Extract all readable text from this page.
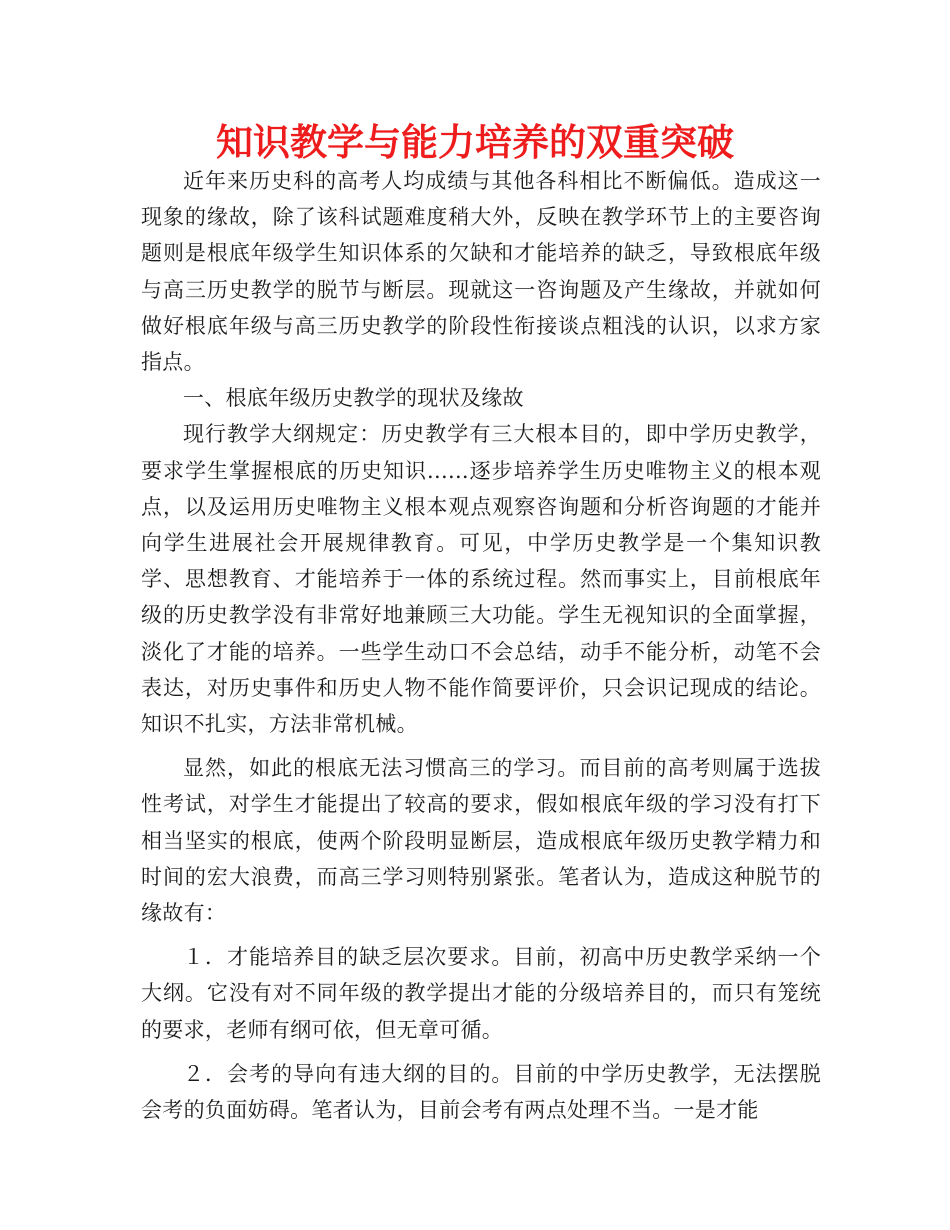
知识教学与能力培养的双重突破

近年来历史科的高考人均成绩与其他各科相比不断偏低。造成这一现象的缘故，除了该科试题难度稍大外，反映在教学环节上的主要咨询题则是根底年级学生知识体系的欠缺和才能培养的缺乏，导致根底年级与高三历史教学的脱节与断层。现就这一咨询题及产生缘故，并就如何做好根底年级与高三历史教学的阶段性衔接谈点粗浅的认识，以求方家指点。

一、根底年级历史教学的现状及缘故

现行教学大纲规定：历史教学有三大根本目的，即中学历史教学，要求学生掌握根底的历史知识......逐步培养学生历史唯物主义的根本观点，以及运用历史唯物主义根本观点观察咨询题和分析咨询题的才能并向学生进展社会开展规律教育。可见，中学历史教学是一个集知识教学、思想教育、才能培养于一体的系统过程。然而事实上，目前根底年级的历史教学没有非常好地兼顾三大功能。学生无视知识的全面掌握，淡化了才能的培养。一些学生动口不会总结，动手不能分析，动笔不会表达，对历史事件和历史人物不能作简要评价，只会识记现成的结论。知识不扎实，方法非常机械。

显然，如此的根底无法习惯高三的学习。而目前的高考则属于选拔性考试，对学生才能提出了较高的要求，假如根底年级的学习没有打下相当坚实的根底，使两个阶段明显断层，造成根底年级历史教学精力和时间的宏大浪费，而高三学习则特别紧张。笔者认为，造成这种脱节的缘故有：

１．才能培养目的缺乏层次要求。目前，初高中历史教学采纳一个大纲。它没有对不同年级的教学提出才能的分级培养目的，而只有笼统的要求，老师有纲可依，但无章可循。

２．会考的导向有违大纲的目的。目前的中学历史教学，无法摆脱会考的负面妨碍。笔者认为，目前会考有两点处理不当。一是才能
